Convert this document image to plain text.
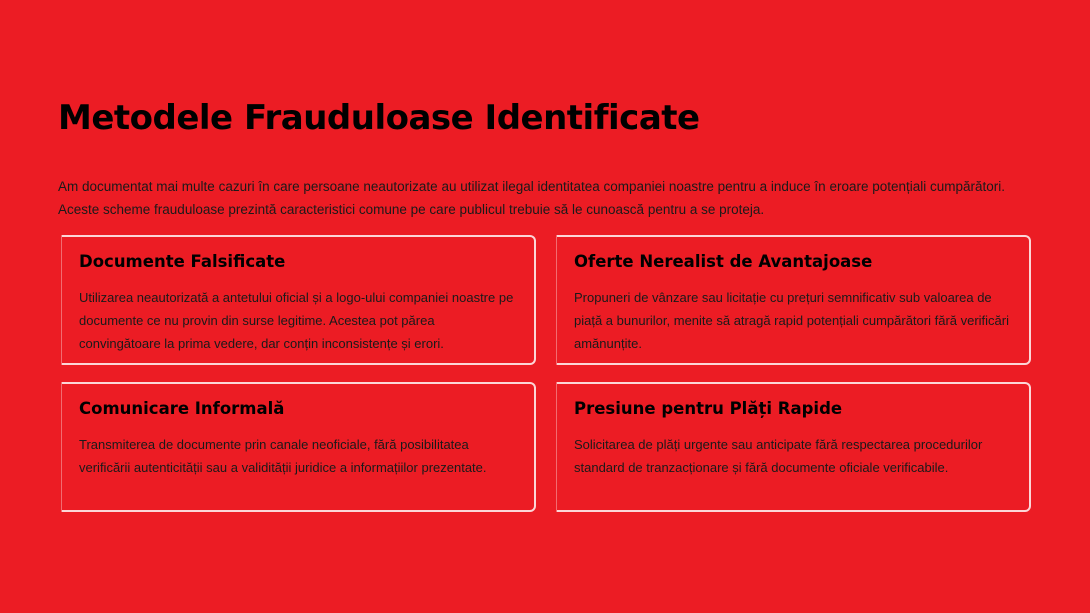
Metodele Frauduloase Identificate

Am documentat mai multe cazuri în care persoane neautorizate au utilizat ilegal identitatea companiei noastre pentru a induce în eroare potențiali cumpărători. Aceste scheme frauduloase prezintă caracteristici comune pe care publicul trebuie să le cunoască pentru a se proteja.

Documente Falsificate

Utilizarea neautorizată a antetului oficial și a logo-ului companiei noastre pe documente ce nu provin din surse legitime. Acestea pot părea convingătoare la prima vedere, dar conțin inconsistențe și erori.

Oferte Nerealist de Avantajoase

Propuneri de vânzare sau licitație cu prețuri semnificativ sub valoarea de piață a bunurilor, menite să atragă rapid potențiali cumpărători fără verificări amănunțite.

Comunicare Informală

Transmiterea de documente prin canale neoficiale, fără posibilitatea verificării autenticității sau a validității juridice a informațiilor prezentate.

Presiune pentru Plăți Rapide

Solicitarea de plăți urgente sau anticipate fără respectarea procedurilor standard de tranzacționare și fără documente oficiale verificabile.
